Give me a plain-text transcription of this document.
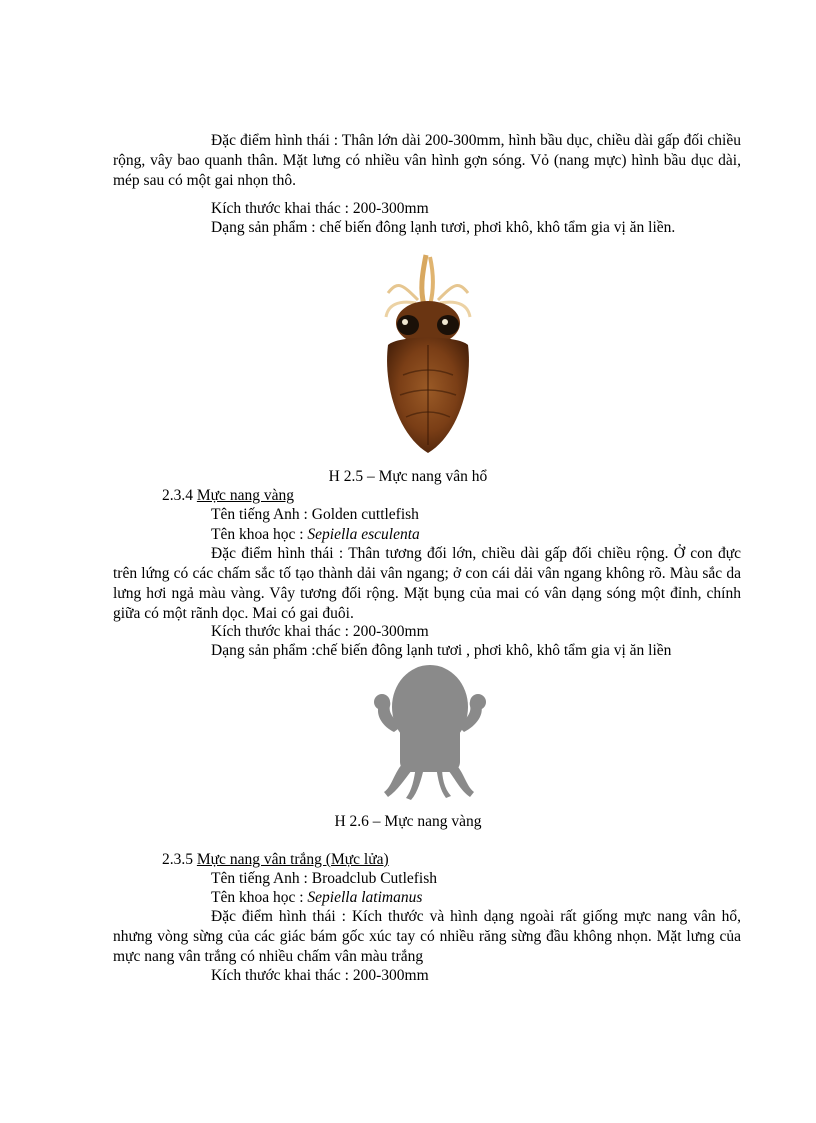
Đặc điểm hình thái : Thân lớn dài 200-300mm, hình bầu dục, chiều dài gấp đối chiều rộng, vây bao quanh thân. Mặt lưng có nhiều vân hình gợn sóng. Vỏ (nang mực) hình bầu dục dài, mép sau có một gai nhọn thô.
Kích thước khai thác : 200-300mm
Dạng sản phẩm : chế biến đông lạnh tươi, phơi khô, khô tẩm gia vị ăn liền.
H 2.5 – Mực nang vân hổ
2.3.4 Mực nang vàng
Tên tiếng Anh : Golden cuttlefish
Tên khoa học : Sepiella esculenta
Đặc điểm hình thái : Thân tương đối lớn, chiều dài gấp đối chiều rộng. Ở con đực trên lứng có các chấm sắc tố tạo thành dải vân ngang; ở con cái dải vân ngang không rõ. Màu sắc da lưng hơi ngả màu vàng. Vây tương đối rộng. Mặt bụng của mai có vân dạng sóng một đỉnh, chính giữa có một rãnh dọc. Mai có gai đuôi.
Kích thước khai thác : 200-300mm
Dạng sản phẩm :chế biến đông lạnh tươi , phơi khô, khô tẩm gia vị ăn liền
H 2.6 – Mực nang vàng
2.3.5 Mực nang vân trắng (Mực lửa)
Tên tiếng Anh : Broadclub Cutlefish
Tên khoa học : Sepiella latimanus
Đặc điểm hình thái : Kích thước và hình dạng ngoài rất giống mực nang vân hổ, nhưng vòng sừng của các giác bám gốc xúc tay có nhiều răng sừng đầu không nhọn. Mặt lưng của mực nang vân trắng có nhiều chấm vân màu trắng
Kích thước khai thác : 200-300mm
